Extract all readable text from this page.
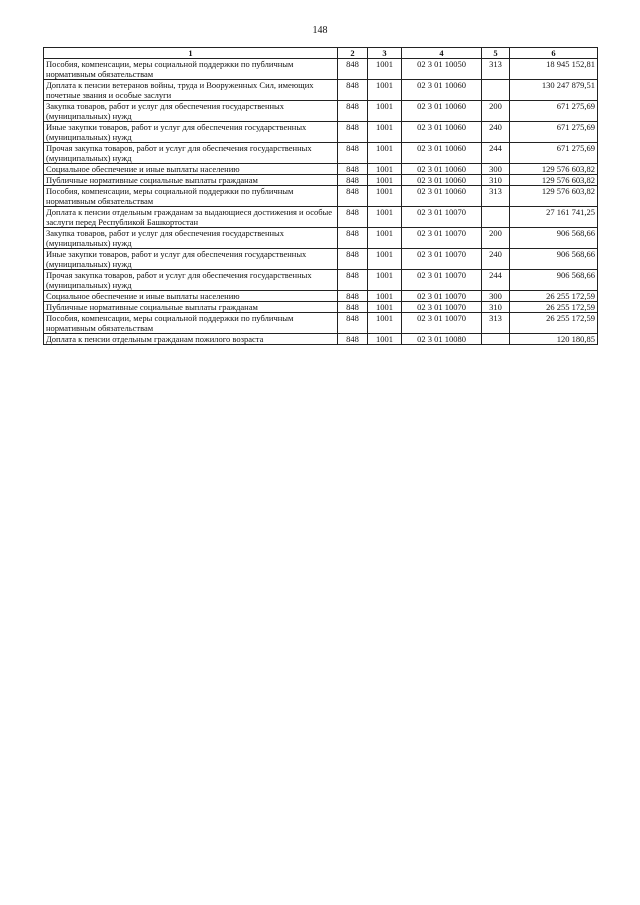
148
1	2	3	4	5	6
Пособия, компенсации, меры социальной поддержки по публичным нормативным обязательствам	848	1001	02 3 01 10050	313	18 945 152,81
Доплата к пенсии ветеранов войны, труда и Вооруженных Сил, имеющих почетные звания и особые заслуги	848	1001	02 3 01 10060		130 247 879,51
Закупка товаров, работ и услуг для обеспечения государственных (муниципальных) нужд	848	1001	02 3 01 10060	200	671 275,69
Иные закупки товаров, работ и услуг для обеспечения государственных (муниципальных) нужд	848	1001	02 3 01 10060	240	671 275,69
Прочая закупка товаров, работ и услуг для обеспечения государственных (муниципальных) нужд	848	1001	02 3 01 10060	244	671 275,69
Социальное обеспечение и иные выплаты населению	848	1001	02 3 01 10060	300	129 576 603,82
Публичные нормативные социальные выплаты гражданам	848	1001	02 3 01 10060	310	129 576 603,82
Пособия, компенсации, меры социальной поддержки по публичным нормативным обязательствам	848	1001	02 3 01 10060	313	129 576 603,82
Доплата к пенсии отдельным гражданам за выдающиеся достижения и особые заслуги перед Республикой Башкортостан	848	1001	02 3 01 10070		27 161 741,25
Закупка товаров, работ и услуг для обеспечения государственных (муниципальных) нужд	848	1001	02 3 01 10070	200	906 568,66
Иные закупки товаров, работ и услуг для обеспечения государственных (муниципальных) нужд	848	1001	02 3 01 10070	240	906 568,66
Прочая закупка товаров, работ и услуг для обеспечения государственных (муниципальных) нужд	848	1001	02 3 01 10070	244	906 568,66
Социальное обеспечение и иные выплаты населению	848	1001	02 3 01 10070	300	26 255 172,59
Публичные нормативные социальные выплаты гражданам	848	1001	02 3 01 10070	310	26 255 172,59
Пособия, компенсации, меры социальной поддержки по публичным нормативным обязательствам	848	1001	02 3 01 10070	313	26 255 172,59
Доплата к пенсии отдельным гражданам пожилого возраста	848	1001	02 3 01 10080		120 180,85
